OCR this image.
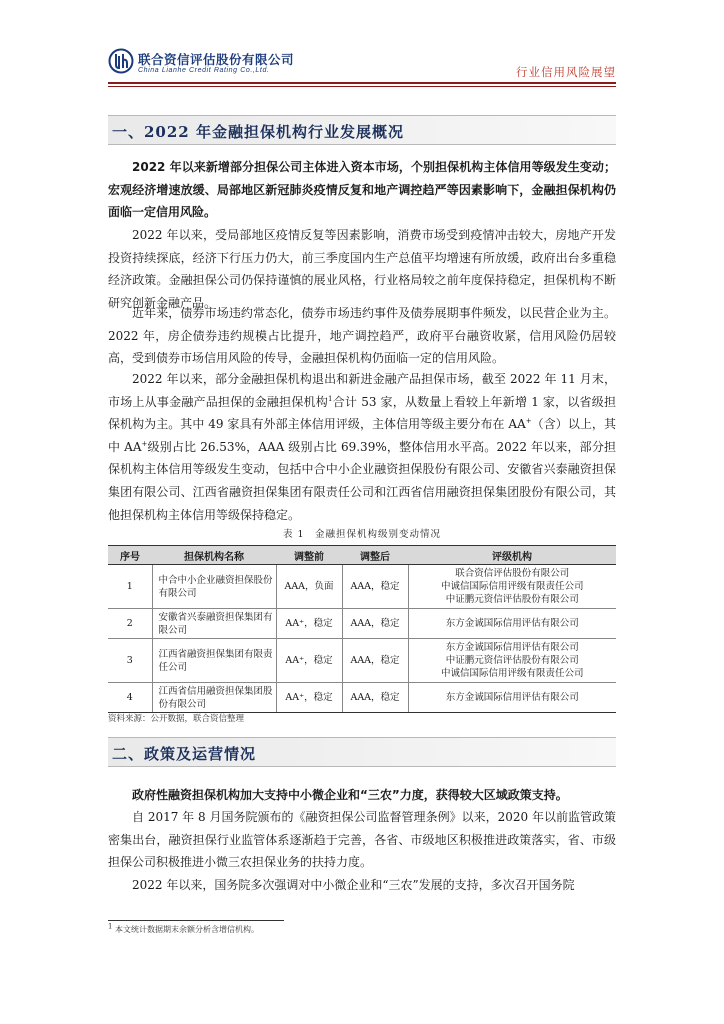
联合资信评估股份有限公司
China Lianhe Credit Rating Co.,Ltd.	行业信用风险展望
一、2022 年金融担保机构行业发展概况

2022 年以来新增部分担保公司主体进入资本市场，个别担保机构主体信用等级发生变动；宏观经济增速放缓、局部地区新冠肺炎疫情反复和地产调控趋严等因素影响下，金融担保机构仍面临一定信用风险。

2022 年以来，受局部地区疫情反复等因素影响，消费市场受到疫情冲击较大，房地产开发投资持续探底，经济下行压力仍大，前三季度国内生产总值平均增速有所放缓，政府出台多重稳经济政策。金融担保公司仍保持谨慎的展业风格，行业格局较之前年度保持稳定，担保机构不断研究创新金融产品。

近年来，债券市场违约常态化，债券市场违约事件及债券展期事件频发，以民营企业为主。2022 年，房企债券违约规模占比提升，地产调控趋严，政府平台融资收紧，信用风险仍居较高，受到债券市场信用风险的传导，金融担保机构仍面临一定的信用风险。

2022 年以来，部分金融担保机构退出和新进金融产品担保市场，截至 2022 年 11 月末，市场上从事金融产品担保的金融担保机构$^1$合计 53 家，从数量上看较上年新增 1 家，以省级担保机构为主。其中 49 家具有外部主体信用评级，主体信用等级主要分布在 AA+（含）以上，其中 AA+级别占比 26.53%，AAA 级别占比 69.39%，整体信用水平高。2022 年以来，部分担保机构主体信用等级发生变动，包括中合中小企业融资担保股份有限公司、安徽省兴泰融资担保集团有限公司、江西省融资担保集团有限责任公司和江西省信用融资担保集团股份有限公司，其他担保机构主体信用等级保持稳定。

表 1　金融担保机构级别变动情况
序号	担保机构名称	调整前	调整后	评级机构
1	中合中小企业融资担保股份有限公司	AAA，负面	AAA，稳定	联合资信评估股份有限公司
中诚信国际信用评级有限责任公司
中证鹏元资信评估股份有限公司

2	安徽省兴泰融资担保集团有限公司	AA⁺，稳定	AAA，稳定	东方金诚国际信用评估有限公司

3	江西省融资担保集团有限责任公司	AA⁺，稳定	AAA，稳定	东方金诚国际信用评估有限公司
中证鹏元资信评估股份有限公司
中诚信国际信用评级有限责任公司

4	江西省信用融资担保集团股份有限公司	AA⁺，稳定	AAA，稳定	东方金诚国际信用评估有限公司
资料来源：公开数据，联合资信整理
二、政策及运营情况

政府性融资担保机构加大支持中小微企业和“三农”力度，获得较大区域政策支持。

自 2017 年 8 月国务院颁布的《融资担保公司监督管理条例》以来，2020 年以前监管政策密集出台，融资担保行业监管体系逐渐趋于完善，各省、市级地区积极推进政策落实，省、市级担保公司积极推进小微三农担保业务的扶持力度。

2022 年以来，国务院多次强调对中小微企业和“三农”发展的支持，多次召开国务院

$^1$ 本文统计数据期末余额分析含增信机构。
